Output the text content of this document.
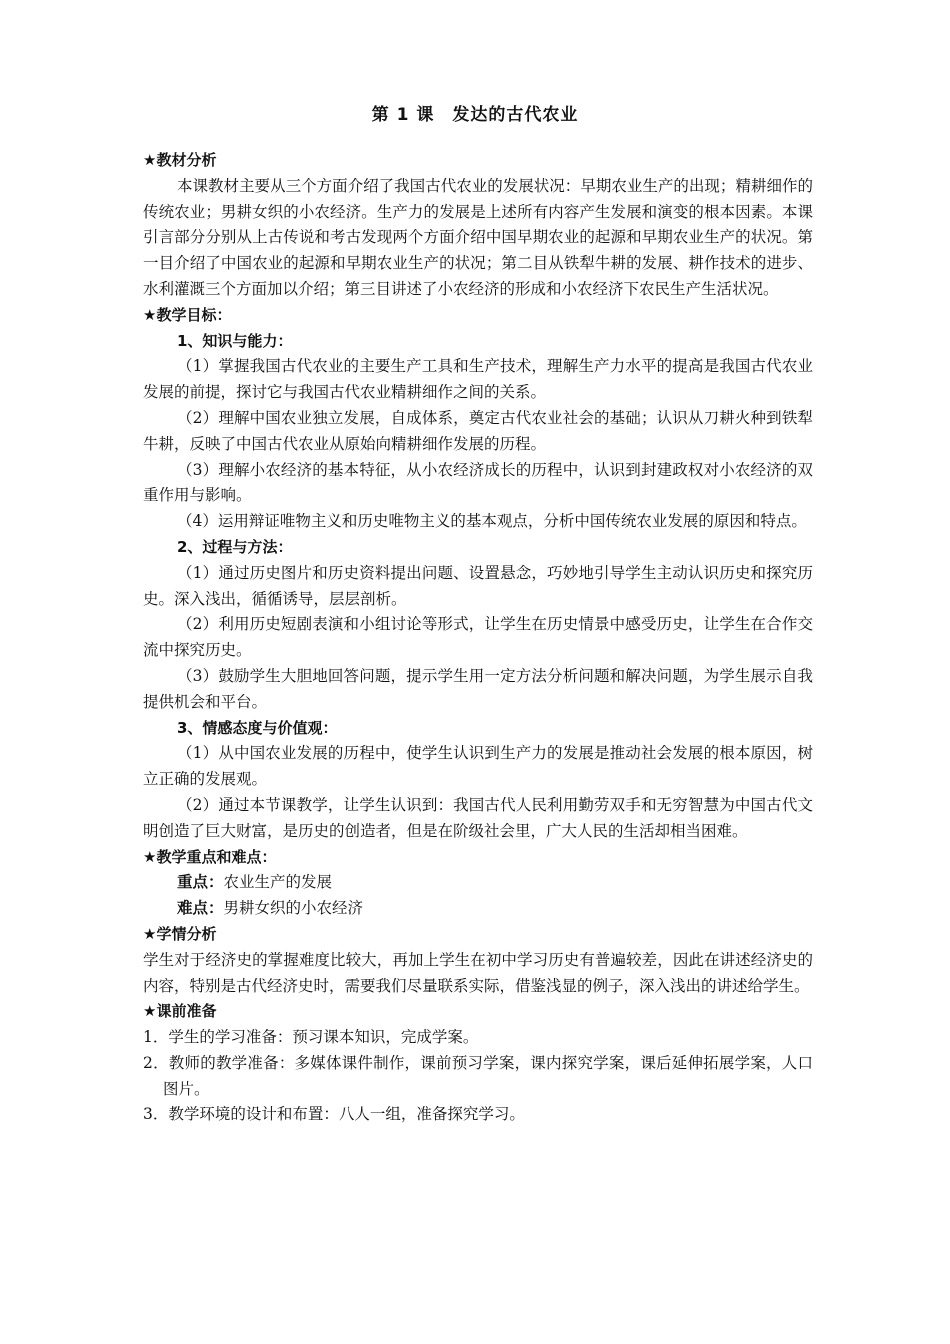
第 1 课　发达的古代农业
★教材分析

本课教材主要从三个方面介绍了我国古代农业的发展状况：早期农业生产的出现；精耕细作的传统农业；男耕女织的小农经济。生产力的发展是上述所有内容产生发展和演变的根本因素。本课引言部分分别从上古传说和考古发现两个方面介绍中国早期农业的起源和早期农业生产的状况。第一目介绍了中国农业的起源和早期农业生产的状况；第二目从铁犁牛耕的发展、耕作技术的进步、水利灌溉三个方面加以介绍；第三目讲述了小农经济的形成和小农经济下农民生产生活状况。

★教学目标：
1、知识与能力：

（1）掌握我国古代农业的主要生产工具和生产技术，理解生产力水平的提高是我国古代农业发展的前提，探讨它与我国古代农业精耕细作之间的关系。

（2）理解中国农业独立发展，自成体系，奠定古代农业社会的基础；认识从刀耕火种到铁犁牛耕，反映了中国古代农业从原始向精耕细作发展的历程。

（3）理解小农经济的基本特征，从小农经济成长的历程中，认识到封建政权对小农经济的双重作用与影响。

（4）运用辩证唯物主义和历史唯物主义的基本观点，分析中国传统农业发展的原因和特点。

2、过程与方法：

（1）通过历史图片和历史资料提出问题、设置悬念，巧妙地引导学生主动认识历史和探究历史。深入浅出，循循诱导，层层剖析。

（2）利用历史短剧表演和小组讨论等形式，让学生在历史情景中感受历史，让学生在合作交流中探究历史。

（3）鼓励学生大胆地回答问题，提示学生用一定方法分析问题和解决问题，为学生展示自我提供机会和平台。

3、情感态度与价值观：

（1）从中国农业发展的历程中，使学生认识到生产力的发展是推动社会发展的根本原因，树立正确的发展观。

（2）通过本节课教学，让学生认识到：我国古代人民利用勤劳双手和无穷智慧为中国古代文明创造了巨大财富，是历史的创造者，但是在阶级社会里，广大人民的生活却相当困难。

★教学重点和难点：

重点：农业生产的发展

难点：男耕女织的小农经济

★学情分析

学生对于经济史的掌握难度比较大，再加上学生在初中学习历史有普遍较差，因此在讲述经济史的内容，特别是古代经济史时，需要我们尽量联系实际，借鉴浅显的例子，深入浅出的讲述给学生。

★课前准备

1．学生的学习准备：预习课本知识，完成学案。

2．教师的教学准备：多媒体课件制作，课前预习学案，课内探究学案，课后延伸拓展学案，人口图片。

3．教学环境的设计和布置：八人一组，准备探究学习。
